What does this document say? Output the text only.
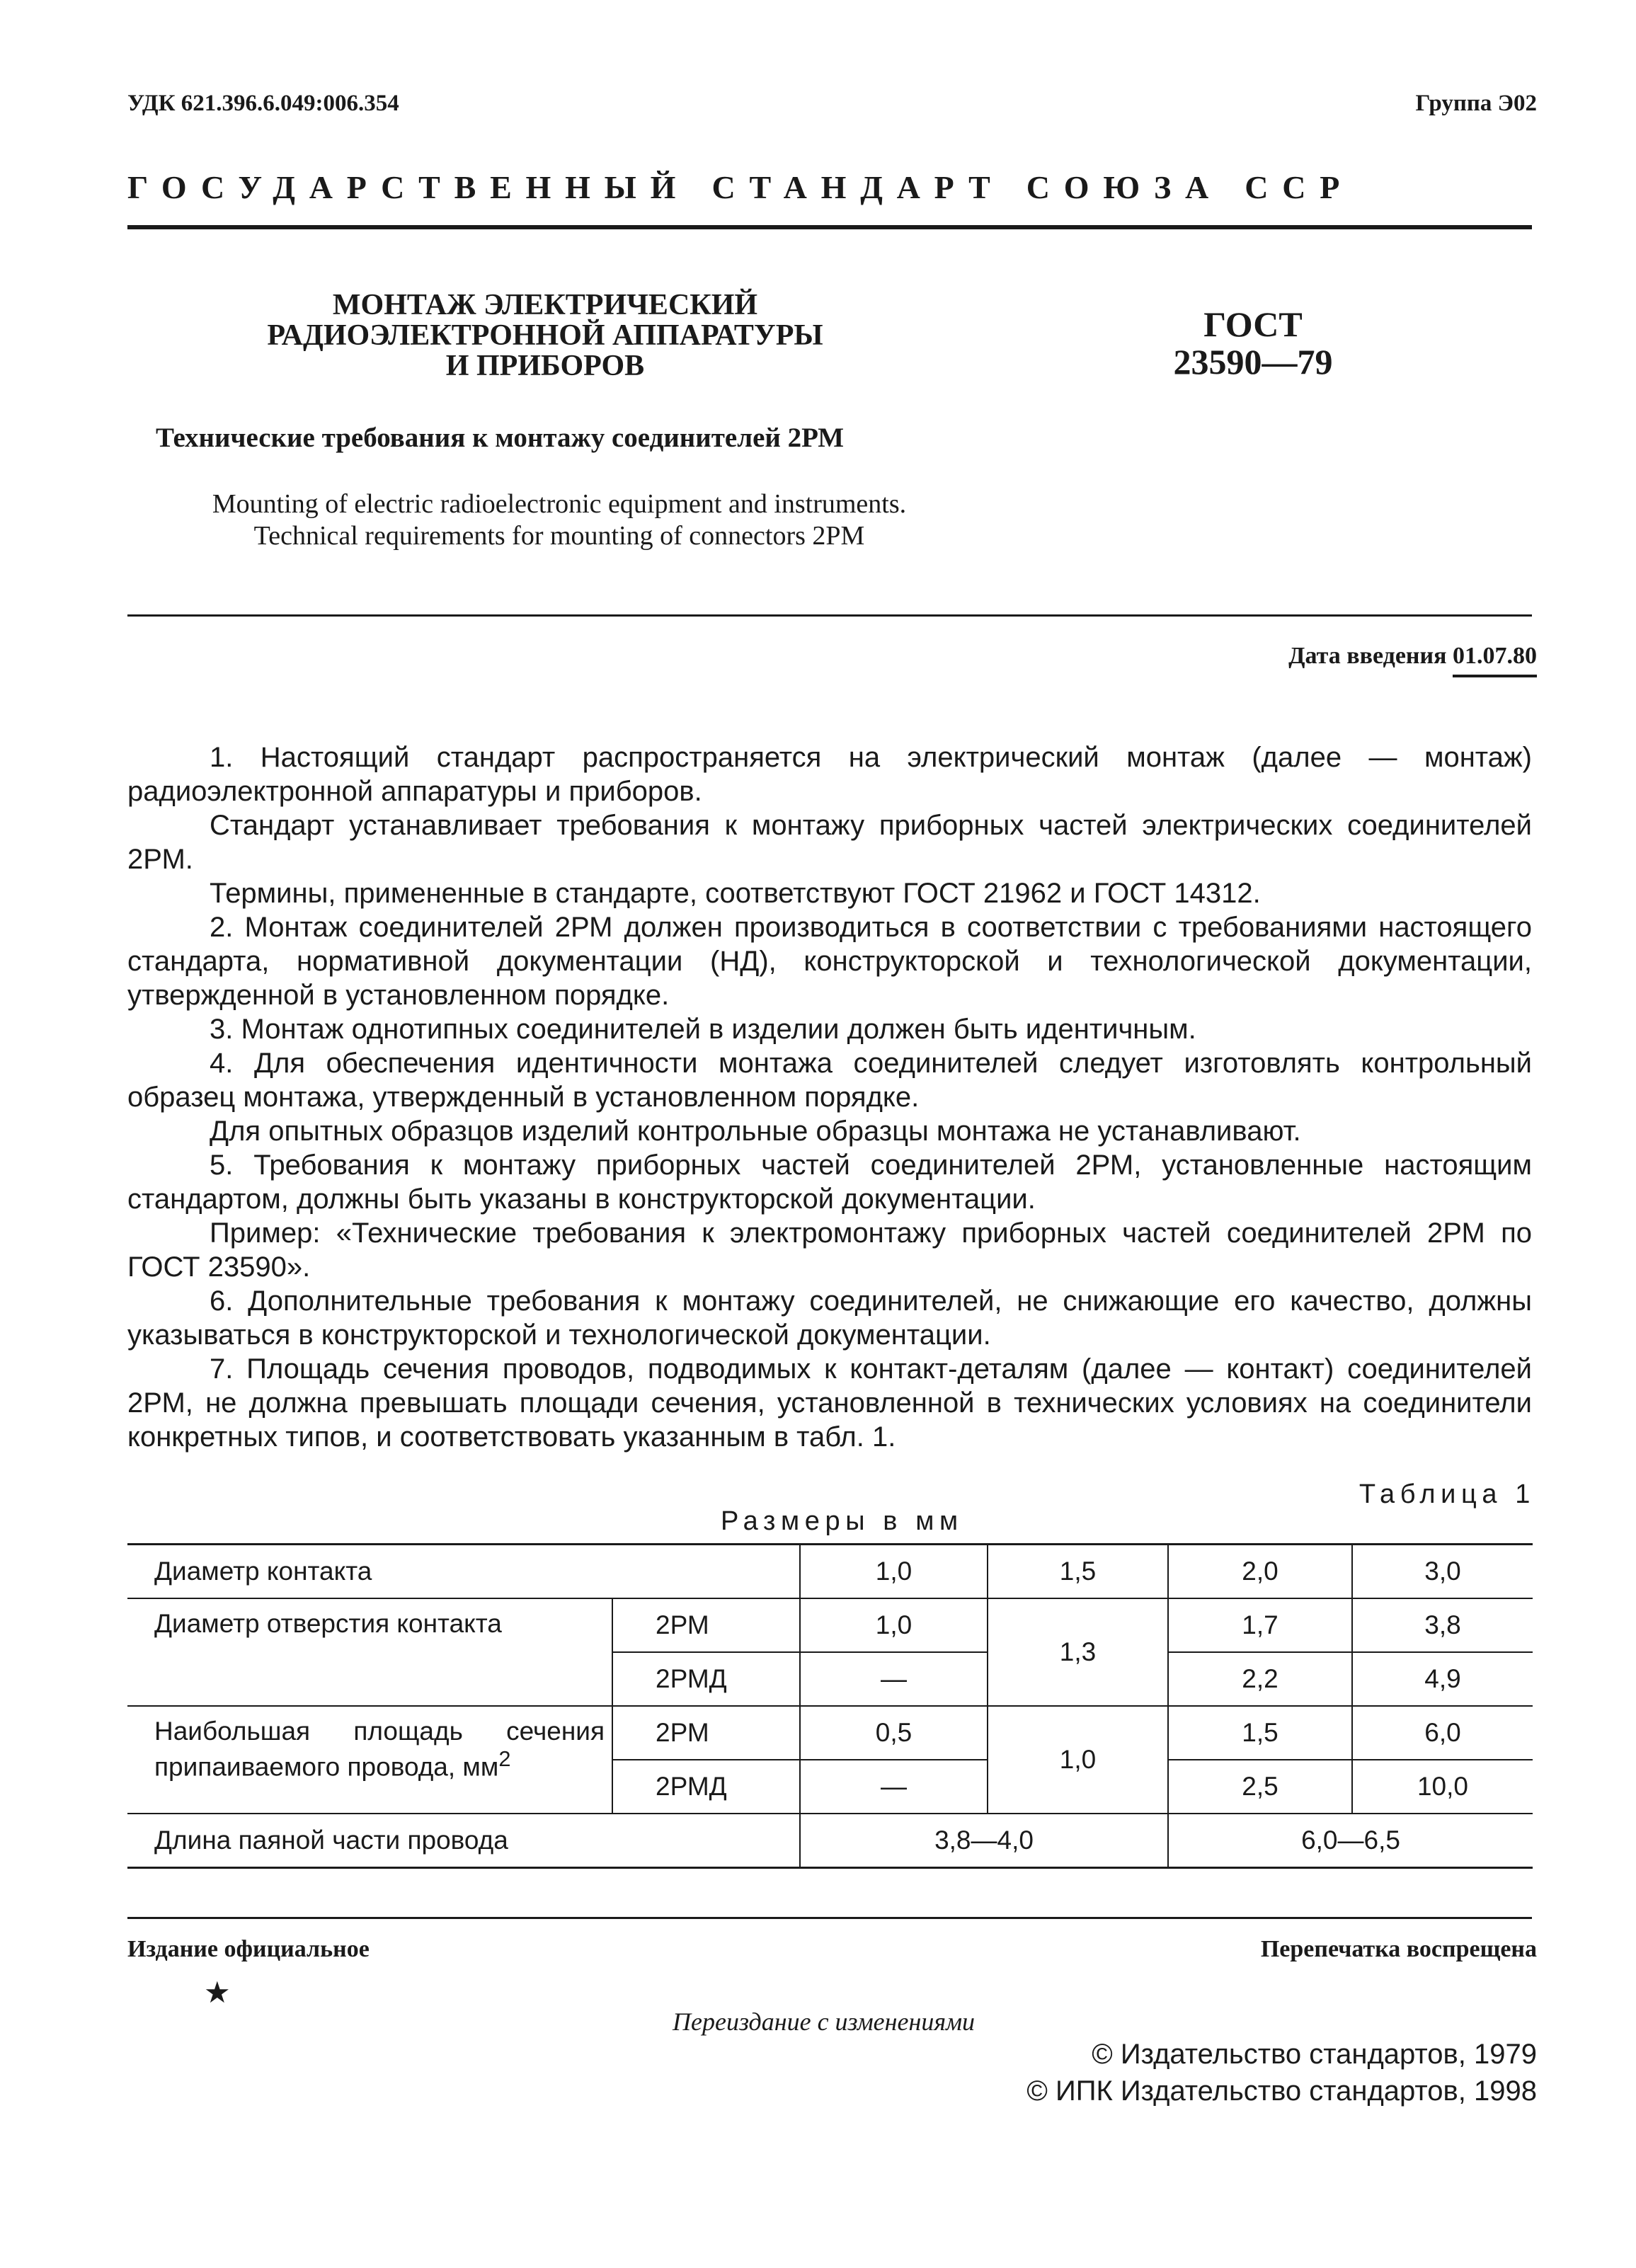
УДК 621.396.6.049:006.354	Группа Э02
ГОСУДАРСТВЕННЫЙ СТАНДАРТ СОЮЗА ССР
МОНТАЖ ЭЛЕКТРИЧЕСКИЙ
РАДИОЭЛЕКТРОННОЙ АППАРАТУРЫ
И ПРИБОРОВ
ГОСТ
23590—79
Технические требования к монтажу соединителей 2РМ
Mounting of electric radioelectronic equipment and instruments.
Technical requirements for mounting of connectors 2PM
Дата введения 01.07.80

1. Настоящий стандарт распространяется на электрический монтаж (далее — монтаж) радиоэлектронной аппаратуры и приборов.

Стандарт устанавливает требования к монтажу приборных частей электрических соединителей 2РМ.

Термины, примененные в стандарте, соответствуют ГОСТ 21962 и ГОСТ 14312.

2. Монтаж соединителей 2РМ должен производиться в соответствии с требованиями настоящего стандарта, нормативной документации (НД), конструкторской и технологической документации, утвержденной в установленном порядке.

3. Монтаж однотипных соединителей в изделии должен быть идентичным.

4. Для обеспечения идентичности монтажа соединителей следует изготовлять контрольный образец монтажа, утвержденный в установленном порядке.

Для опытных образцов изделий контрольные образцы монтажа не устанавливают.

5. Требования к монтажу приборных частей соединителей 2РМ, установленные настоящим стандартом, должны быть указаны в конструкторской документации.

Пример: «Технические требования к электромонтажу приборных частей соединителей 2РМ по ГОСТ 23590».

6. Дополнительные требования к монтажу соединителей, не снижающие его качество, должны указываться в конструкторской и технологической документации.

7. Площадь сечения проводов, подводимых к контакт-деталям (далее — контакт) соединителей 2РМ, не должна превышать площади сечения, установленной в технических условиях на соединители конкретных типов, и соответствовать указанным в табл. 1.

Таблица 1
Размеры в мм
Диаметр контакта		1,0	1,5	2,0	3,0
Диаметр отверстия контакта	2РМ	1,0	1,3	1,7	3,8
	2РМД	—		2,2	4,9
Наибольшая площадь сечения припаиваемого провода, $мм^2$	2РМ	0,5	1,0	1,5	6,0
	2РМД	—		2,5	10,0
Длина паяной части провода		3,8—4,0		6,0—6,5	
Издание официальное	Перепечатка воспрещена
★
Переиздание с изменениями
© Издательство стандартов, 1979
© ИПК Издательство стандартов, 1998
